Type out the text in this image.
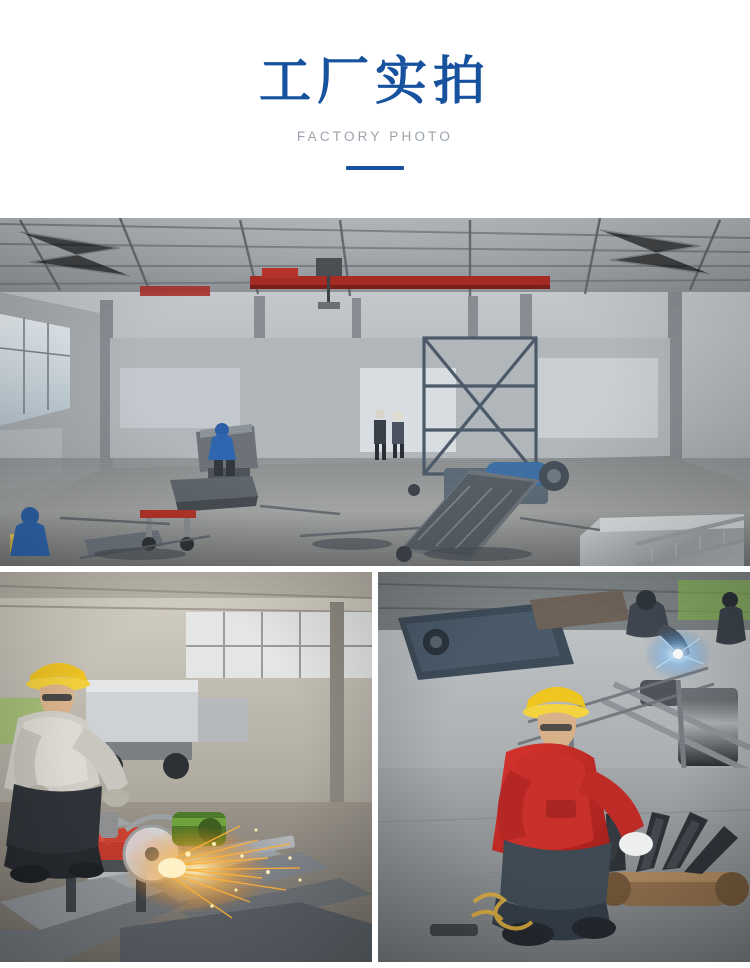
工厂实拍
FACTORY PHOTO
